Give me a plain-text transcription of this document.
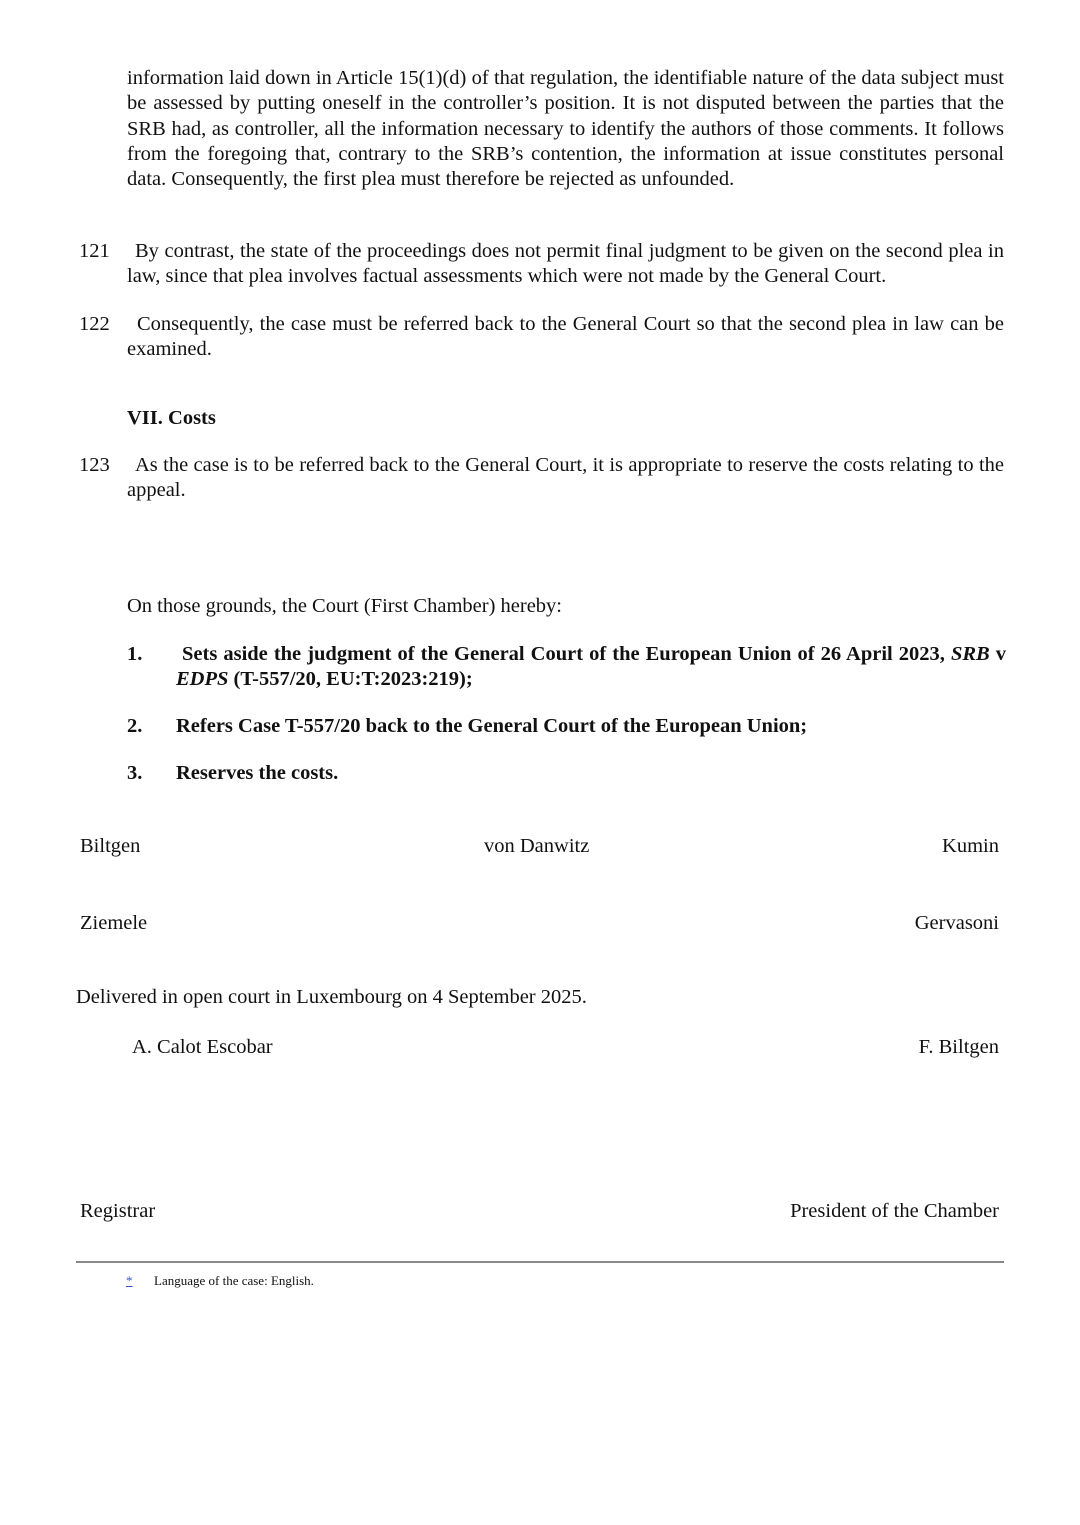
information laid down in Article 15(1)(d) of that regulation, the identifiable nature of the data subject must be assessed by putting oneself in the controller’s position. It is not disputed between the parties that the SRB had, as controller, all the information necessary to identify the authors of those comments. It follows from the foregoing that, contrary to the SRB’s contention, the information at issue constitutes personal data. Consequently, the first plea must therefore be rejected as unfounded.
121	By contrast, the state of the proceedings does not permit final judgment to be given on the second plea in law, since that plea involves factual assessments which were not made by the General Court.
122	Consequently, the case must be referred back to the General Court so that the second plea in law can be examined.
VII. Costs
123	As the case is to be referred back to the General Court, it is appropriate to reserve the costs relating to the appeal.
On those grounds, the Court (First Chamber) hereby:
1. Sets aside the judgment of the General Court of the European Union of 26 April 2023, SRB v EDPS (T-557/20, EU:T:2023:219);
2. Refers Case T-557/20 back to the General Court of the European Union;
3. Reserves the costs.
Biltgen	von Danwitz	Kumin
Ziemele	Gervasoni
Delivered in open court in Luxembourg on 4 September 2025.
A. Calot Escobar	F. Biltgen
Registrar	President of the Chamber
* Language of the case: English.
